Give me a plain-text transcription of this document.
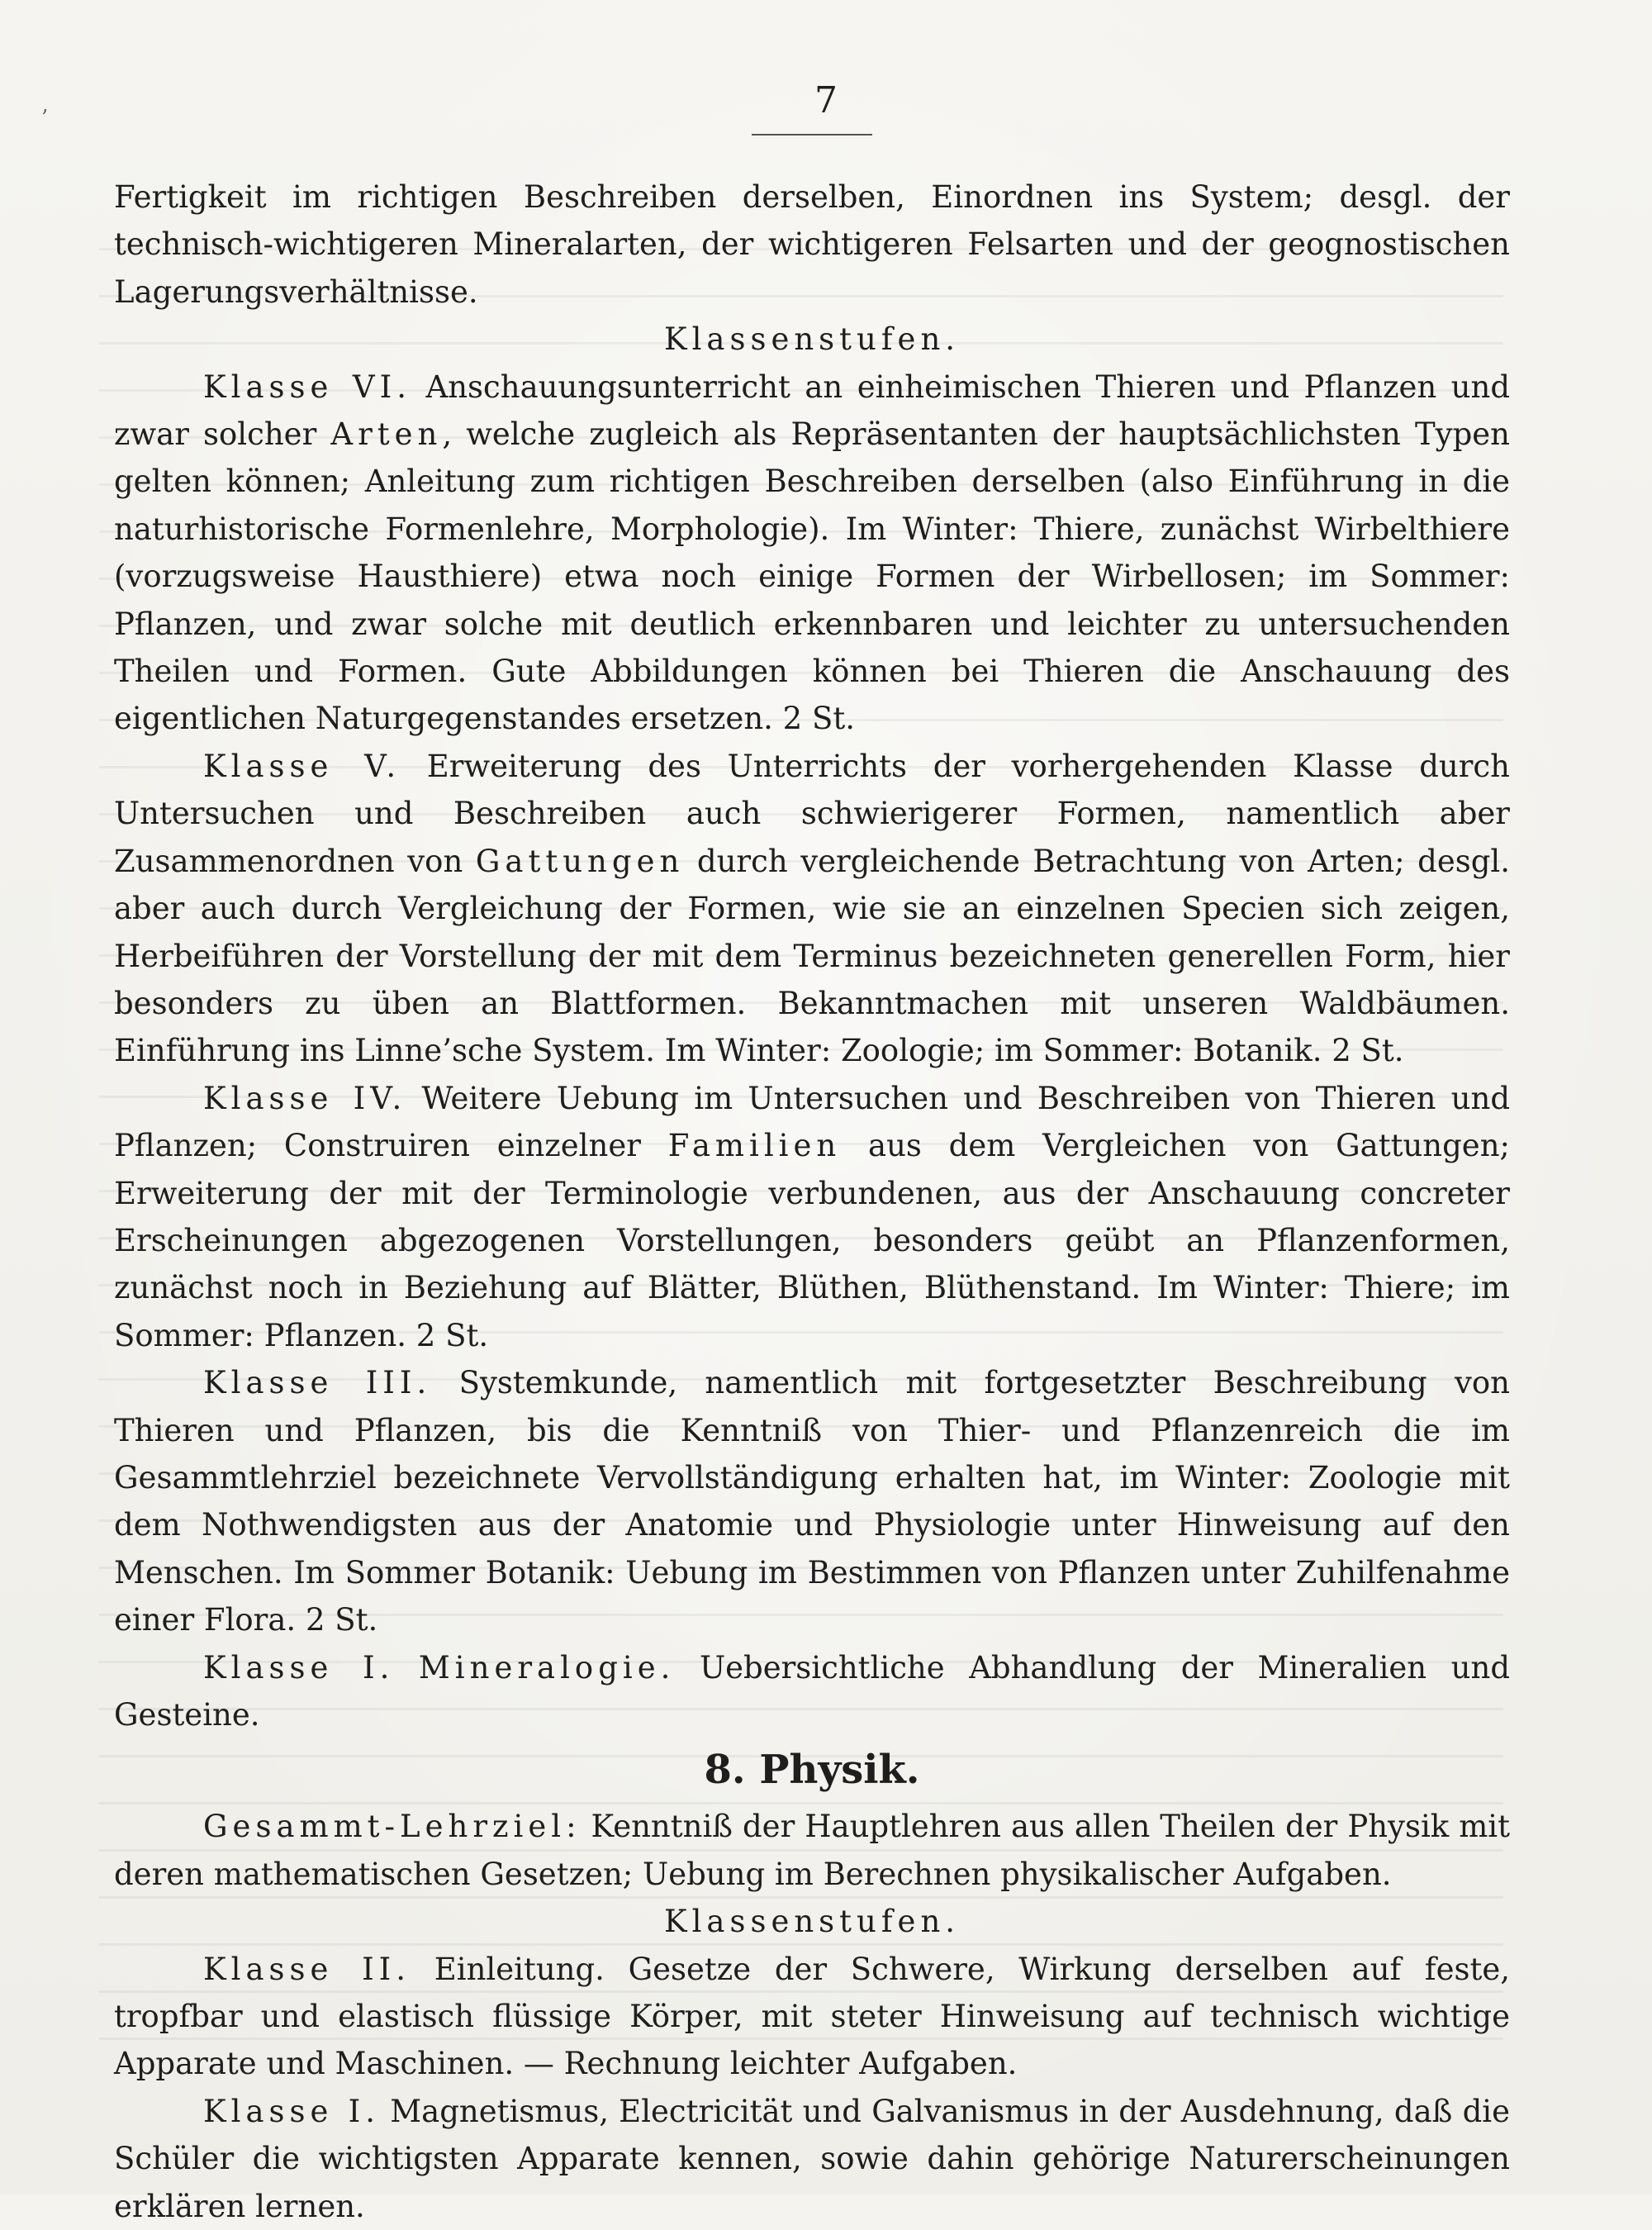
’	7

Fertigkeit im richtigen Beschreiben derselben, Einordnen ins System; desgl. der technisch-wichtigeren Mineralarten, der wichtigeren Felsarten und der geognostischen Lagerungsverhältnisse.

Klassenstufen.

Klasse VI. Anschauungsunterricht an einheimischen Thieren und Pflanzen und zwar solcher Arten, welche zugleich als Repräsentanten der hauptsächlichsten Typen gelten können; Anleitung zum richtigen Beschreiben derselben (also Einführung in die naturhistorische Formenlehre, Morphologie). Im Winter: Thiere, zunächst Wirbelthiere (vorzugsweise Hausthiere) etwa noch einige Formen der Wirbellosen; im Sommer: Pflanzen, und zwar solche mit deutlich erkennbaren und leichter zu untersuchenden Theilen und Formen. Gute Abbildungen können bei Thieren die Anschauung des eigentlichen Naturgegenstandes ersetzen. 2 St.

Klasse V. Erweiterung des Unterrichts der vorhergehenden Klasse durch Untersuchen und Beschreiben auch schwierigerer Formen, namentlich aber Zusammenordnen von Gattungen durch vergleichende Betrachtung von Arten; desgl. aber auch durch Vergleichung der Formen, wie sie an einzelnen Specien sich zeigen, Herbeiführen der Vorstellung der mit dem Terminus bezeichneten generellen Form, hier besonders zu üben an Blattformen. Bekanntmachen mit unseren Waldbäumen. Einführung ins Linne’sche System. Im Winter: Zoologie; im Sommer: Botanik. 2 St.

Klasse IV. Weitere Uebung im Untersuchen und Beschreiben von Thieren und Pflanzen; Construiren einzelner Familien aus dem Vergleichen von Gattungen; Erweiterung der mit der Terminologie verbundenen, aus der Anschauung concreter Erscheinungen abgezogenen Vorstellungen, besonders geübt an Pflanzenformen, zunächst noch in Beziehung auf Blätter, Blüthen, Blüthenstand. Im Winter: Thiere; im Sommer: Pflanzen. 2 St.

Klasse III. Systemkunde, namentlich mit fortgesetzter Beschreibung von Thieren und Pflanzen, bis die Kenntniß von Thier- und Pflanzenreich die im Gesammtlehrziel bezeichnete Vervollständigung erhalten hat, im Winter: Zoologie mit dem Nothwendigsten aus der Anatomie und Physiologie unter Hinweisung auf den Menschen. Im Sommer Botanik: Uebung im Bestimmen von Pflanzen unter Zuhilfenahme einer Flora. 2 St.

Klasse I. Mineralogie. Uebersichtliche Abhandlung der Mineralien und Gesteine.

8. Physik.

Gesammt-Lehrziel: Kenntniß der Hauptlehren aus allen Theilen der Physik mit deren mathematischen Gesetzen; Uebung im Berechnen physikalischer Aufgaben.

Klassenstufen.

Klasse II. Einleitung. Gesetze der Schwere, Wirkung derselben auf feste, tropfbar und elastisch flüssige Körper, mit steter Hinweisung auf technisch wichtige Apparate und Maschinen. — Rechnung leichter Aufgaben.

Klasse I. Magnetismus, Electricität und Galvanismus in der Ausdehnung, daß die Schüler die wichtigsten Apparate kennen, sowie dahin gehörige Naturerscheinungen erklären lernen.
